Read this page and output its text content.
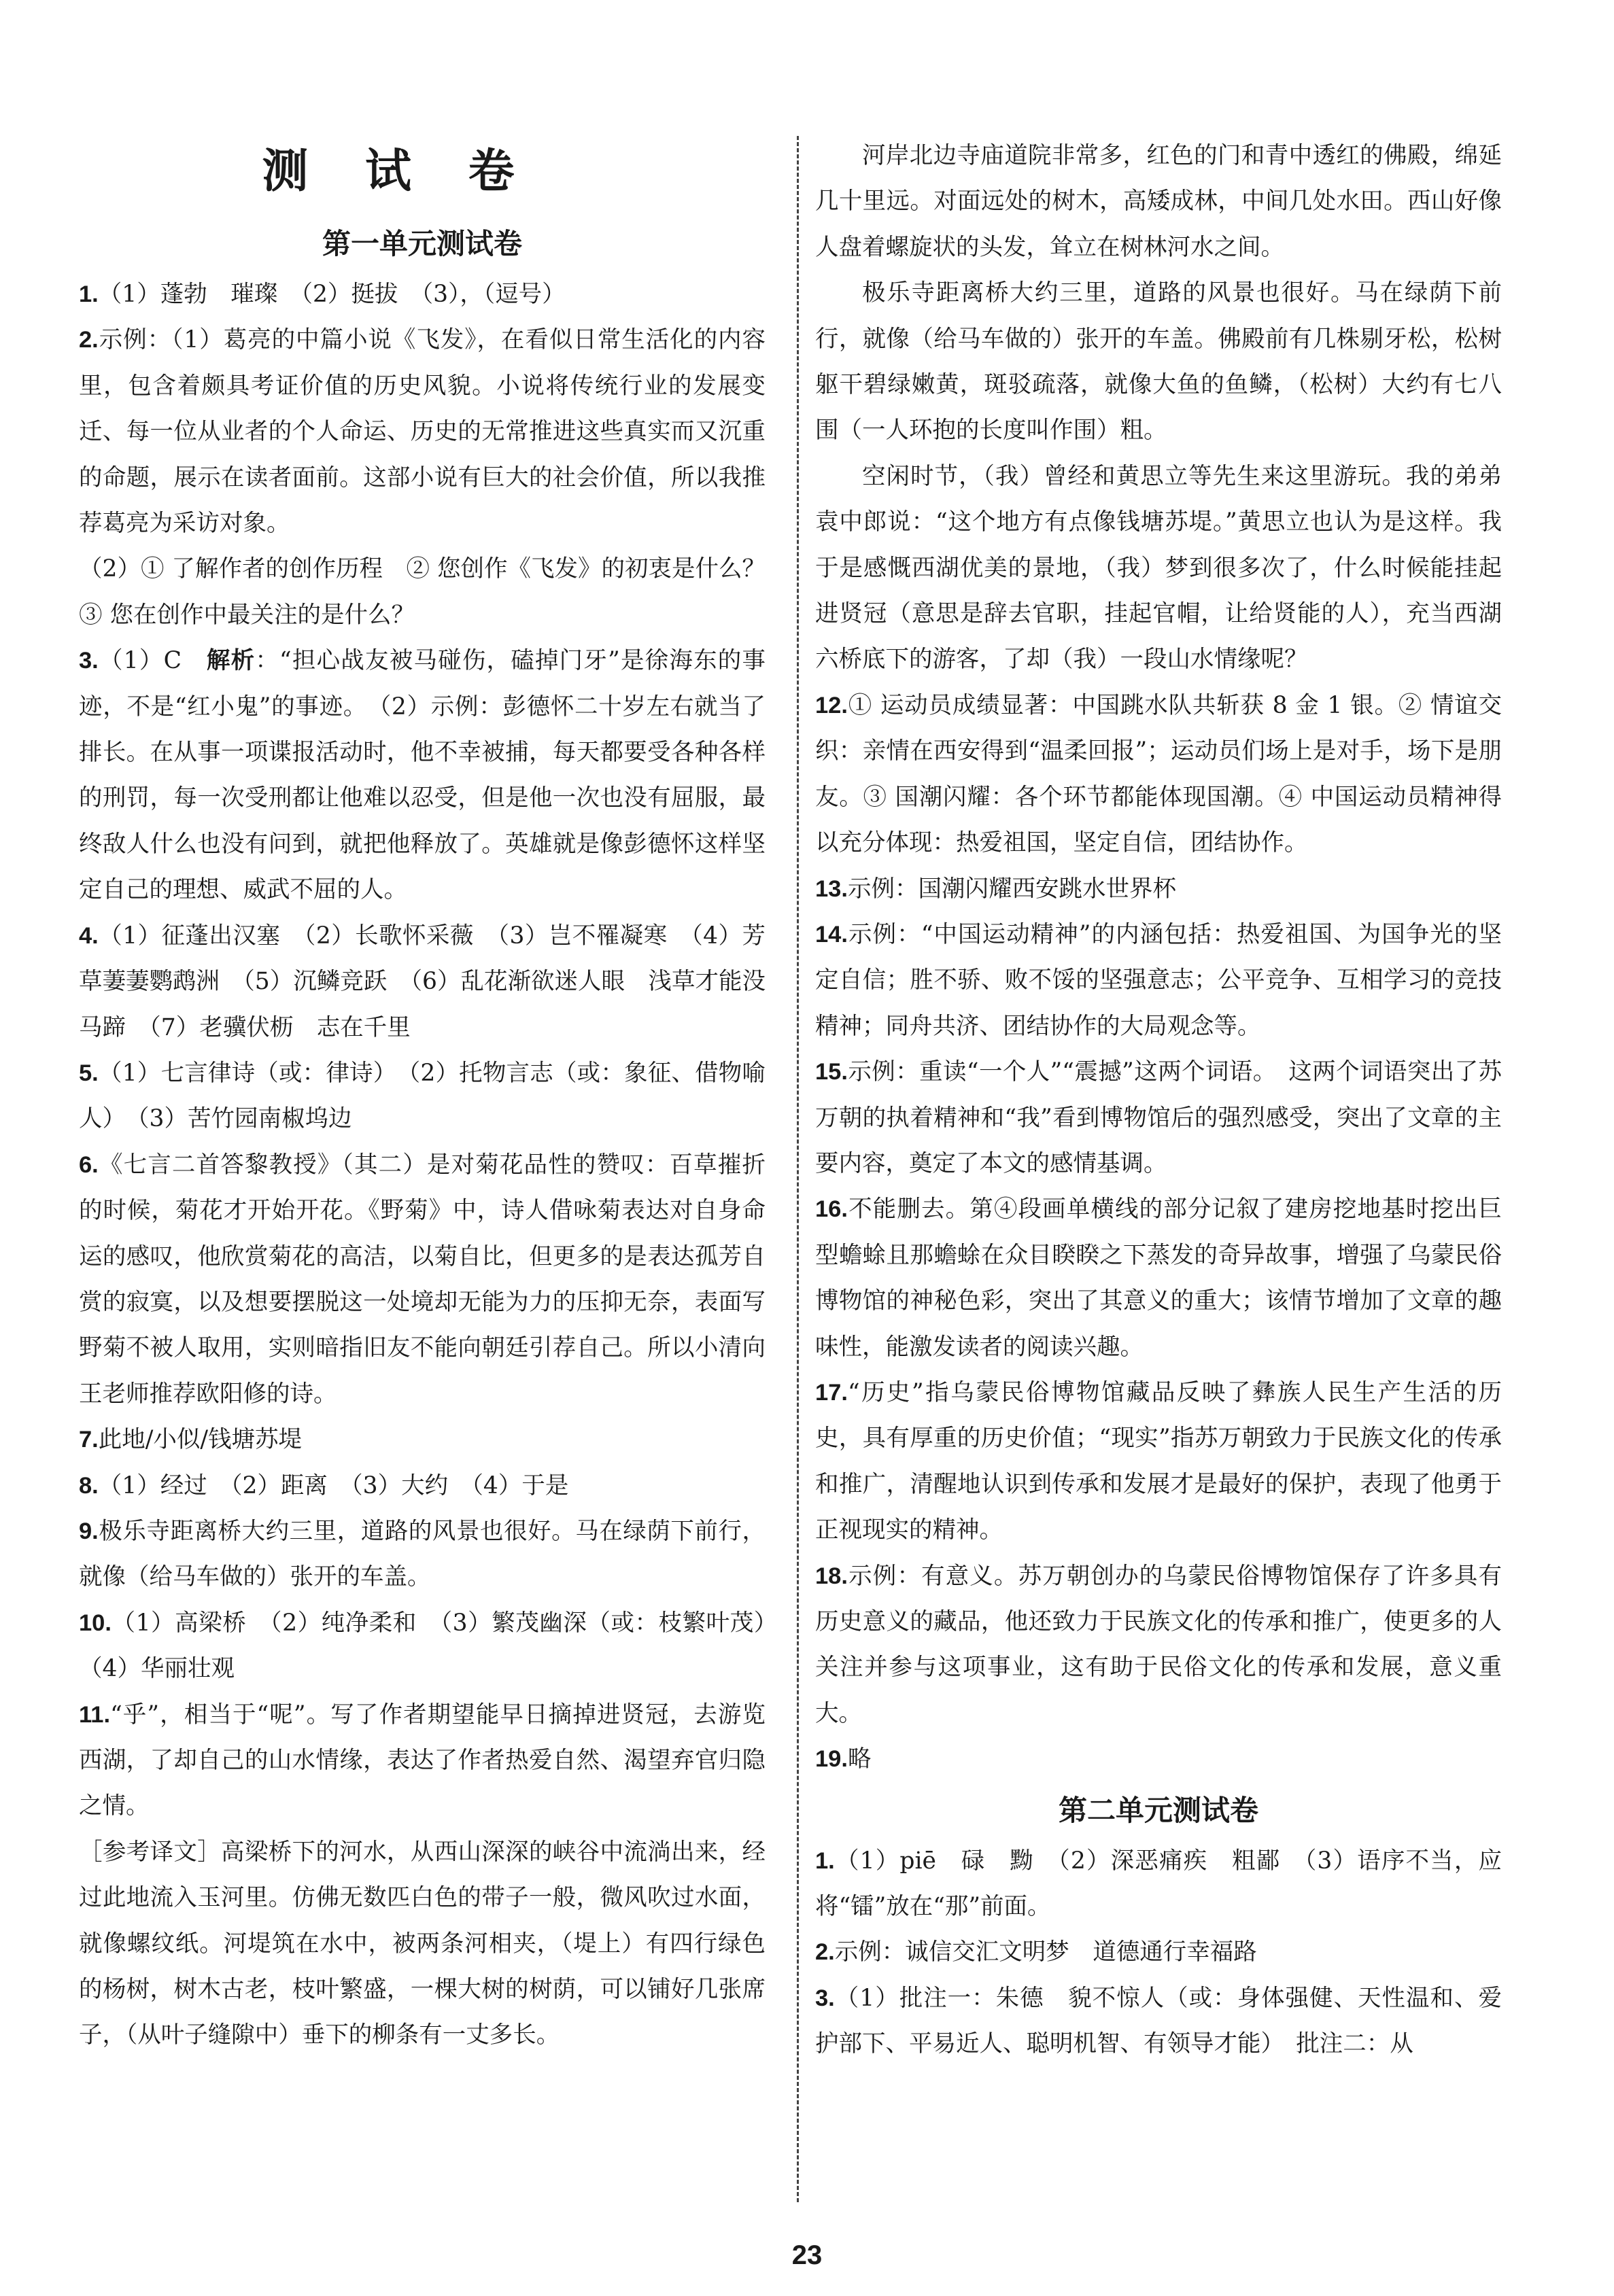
测 试 卷
第一单元测试卷

1.（1）蓬勃　璀璨　（2）挺拔　（3），（逗号）

2.示例：（1）葛亮的中篇小说《飞发》，在看似日常生活化的内容里，包含着颇具考证价值的历史风貌。小说将传统行业的发展变迁、每一位从业者的个人命运、历史的无常推进这些真实而又沉重的命题，展示在读者面前。这部小说有巨大的社会价值，所以我推荐葛亮为采访对象。

（2）① 了解作者的创作历程　② 您创作《飞发》的初衷是什么？　③ 您在创作中最关注的是什么？

3.（1）C　解析：“担心战友被马碰伤，磕掉门牙”是徐海东的事迹，不是“红小鬼”的事迹。　（2）示例：彭德怀二十岁左右就当了排长。在从事一项谍报活动时，他不幸被捕，每天都要受各种各样的刑罚，每一次受刑都让他难以忍受，但是他一次也没有屈服，最终敌人什么也没有问到，就把他释放了。英雄就是像彭德怀这样坚定自己的理想、威武不屈的人。

4.（1）征蓬出汉塞　（2）长歌怀采薇　（3）岂不罹凝寒　（4）芳草萋萋鹦鹉洲　（5）沉鳞竞跃　（6）乱花渐欲迷人眼　浅草才能没马蹄　（7）老骥伏枥　志在千里

5.（1）七言律诗（或：律诗）　（2）托物言志（或：象征、借物喻人）　（3）苦竹园南椒坞边

6.《七言二首答黎教授》（其二）是对菊花品性的赞叹：百草摧折的时候，菊花才开始开花。《野菊》中，诗人借咏菊表达对自身命运的感叹，他欣赏菊花的高洁，以菊自比，但更多的是表达孤芳自赏的寂寞，以及想要摆脱这一处境却无能为力的压抑无奈，表面写野菊不被人取用，实则暗指旧友不能向朝廷引荐自己。所以小清向王老师推荐欧阳修的诗。

7.此地/小似/钱塘苏堤

8.（1）经过　（2）距离　（3）大约　（4）于是

9.极乐寺距离桥大约三里，道路的风景也很好。马在绿荫下前行，就像（给马车做的）张开的车盖。

10.（1）高梁桥　（2）纯净柔和　（3）繁茂幽深（或：枝繁叶茂）　（4）华丽壮观

11.“乎”，相当于“呢”。写了作者期望能早日摘掉进贤冠，去游览西湖，了却自己的山水情缘，表达了作者热爱自然、渴望弃官归隐之情。

［参考译文］高梁桥下的河水，从西山深深的峡谷中流淌出来，经过此地流入玉河里。仿佛无数匹白色的带子一般，微风吹过水面，就像螺纹纸。河堤筑在水中，被两条河相夹，（堤上）有四行绿色的杨树，树木古老，枝叶繁盛，一棵大树的树荫，可以铺好几张席子，（从叶子缝隙中）垂下的柳条有一丈多长。

河岸北边寺庙道院非常多，红色的门和青中透红的佛殿，绵延几十里远。对面远处的树木，高矮成林，中间几处水田。西山好像人盘着螺旋状的头发，耸立在树林河水之间。

极乐寺距离桥大约三里，道路的风景也很好。马在绿荫下前行，就像（给马车做的）张开的车盖。佛殿前有几株剔牙松，松树躯干碧绿嫩黄，斑驳疏落，就像大鱼的鱼鳞，（松树）大约有七八围（一人环抱的长度叫作围）粗。

空闲时节，（我）曾经和黄思立等先生来这里游玩。我的弟弟袁中郎说：“这个地方有点像钱塘苏堤。”黄思立也认为是这样。我于是感慨西湖优美的景地，（我）梦到很多次了，什么时候能挂起进贤冠（意思是辞去官职，挂起官帽，让给贤能的人），充当西湖六桥底下的游客，了却（我）一段山水情缘呢？

12.① 运动员成绩显著：中国跳水队共斩获 8 金 1 银。② 情谊交织：亲情在西安得到“温柔回报”；运动员们场上是对手，场下是朋友。③ 国潮闪耀：各个环节都能体现国潮。④ 中国运动员精神得以充分体现：热爱祖国，坚定自信，团结协作。

13.示例：国潮闪耀西安跳水世界杯

14.示例：“中国运动精神”的内涵包括：热爱祖国、为国争光的坚定自信；胜不骄、败不馁的坚强意志；公平竞争、互相学习的竞技精神；同舟共济、团结协作的大局观念等。

15.示例：重读“一个人”“震撼”这两个词语。　这两个词语突出了苏万朝的执着精神和“我”看到博物馆后的强烈感受，突出了文章的主要内容，奠定了本文的感情基调。

16.不能删去。第④段画单横线的部分记叙了建房挖地基时挖出巨型蟾蜍且那蟾蜍在众目睽睽之下蒸发的奇异故事，增强了乌蒙民俗博物馆的神秘色彩，突出了其意义的重大；该情节增加了文章的趣味性，能激发读者的阅读兴趣。

17.“历史”指乌蒙民俗博物馆藏品反映了彝族人民生产生活的历史，具有厚重的历史价值；“现实”指苏万朝致力于民族文化的传承和推广，清醒地认识到传承和发展才是最好的保护，表现了他勇于正视现实的精神。

18.示例：有意义。苏万朝创办的乌蒙民俗博物馆保存了许多具有历史意义的藏品，他还致力于民族文化的传承和推广，使更多的人关注并参与这项事业，这有助于民俗文化的传承和发展，意义重大。

19.略

第二单元测试卷

1.（1）piē　碌　黝　（2）深恶痛疾　粗鄙　（3）语序不当，应将“镭”放在“那”前面。

2.示例：诚信交汇文明梦　道德通行幸福路

3.（1）批注一：朱德　貌不惊人（或：身体强健、天性温和、爱护部下、平易近人、聪明机智、有领导才能）　批注二：从

23
